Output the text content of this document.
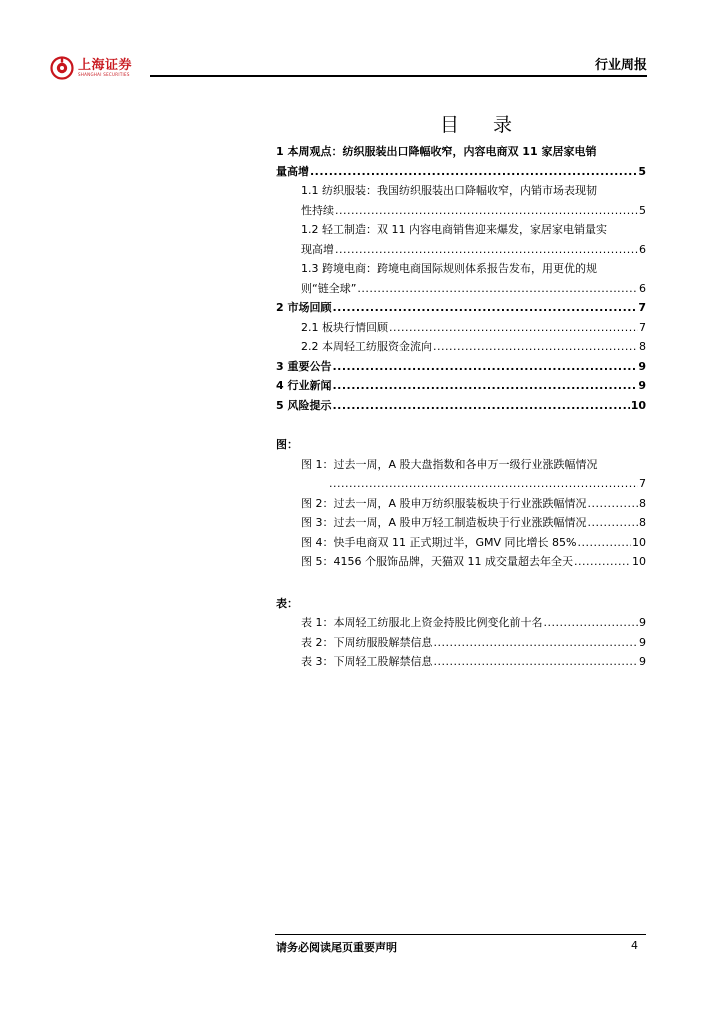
上海证券
SHANGHAI SECURITIES
行业周报
目 录
1 本周观点：纺织服装出口降幅收窄，内容电商双 11 家居家电销
量高增 .....	5
1.1 纺织服装：我国纺织服装出口降幅收窄，内销市场表现韧
性持续 .....	5
1.2 轻工制造：双 11 内容电商销售迎来爆发，家居家电销量实
现高增 .....	6
1.3 跨境电商：跨境电商国际规则体系报告发布，用更优的规
则“链全球” .....	6
2 市场回顾 .....	7
2.1 板块行情回顾 .....	7
2.2 本周轻工纺服资金流向 .....	8
3 重要公告 .....	9
4 行业新闻 .....	9
5 风险提示 .....	10
图：
图 1：过去一周，A 股大盘指数和各申万一级行业涨跌幅情况
.....
7
图 2：过去一周，A 股申万纺织服装板块于行业涨跌幅情况 .....	8
图 3：过去一周，A 股申万轻工制造板块于行业涨跌幅情况 .....	8
图 4：快手电商双 11 正式期过半，GMV 同比增长 85% .....	10
图 5：4156 个服饰品牌，天猫双 11 成交量超去年全天 .....	10
表：
表 1：本周轻工纺服北上资金持股比例变化前十名 .....	9
表 2：下周纺服股解禁信息 .....	9
表 3：下周轻工股解禁信息 .....	9
请务必阅读尾页重要声明	4
